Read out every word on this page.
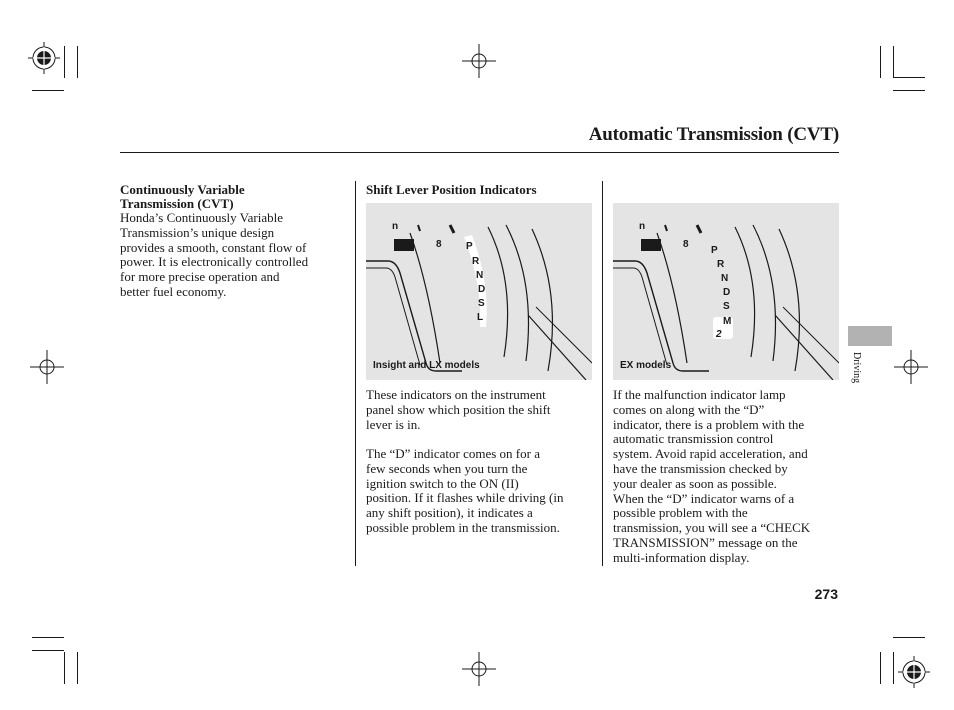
Automatic Transmission (CVT)
Continuously Variable Transmission (CVT)
Honda’s Continuously Variable
Transmission’s unique design
provides a smooth, constant flow of
power. It is electronically controlled
for more precise operation and
better fuel economy.
Shift Lever Position Indicators
n
8 P
R
N
D
S
L
Insight and LX models
These indicators on the instrument
panel show which position the shift
lever is in.
The “D” indicator comes on for a
few seconds when you turn the
ignition switch to the ON (II)
position. If it flashes while driving (in
any shift position), it indicates a
possible problem in the transmission.
n
8
P
R
N
D
S
M
2
EX models
If the malfunction indicator lamp
comes on along with the “D”
indicator, there is a problem with the
automatic transmission control
system. Avoid rapid acceleration, and
have the transmission checked by
your dealer as soon as possible.
When the “D” indicator warns of a
possible problem with the
transmission, you will see a “CHECK
TRANSMISSION” message on the
multi-information display.
Driving
273
